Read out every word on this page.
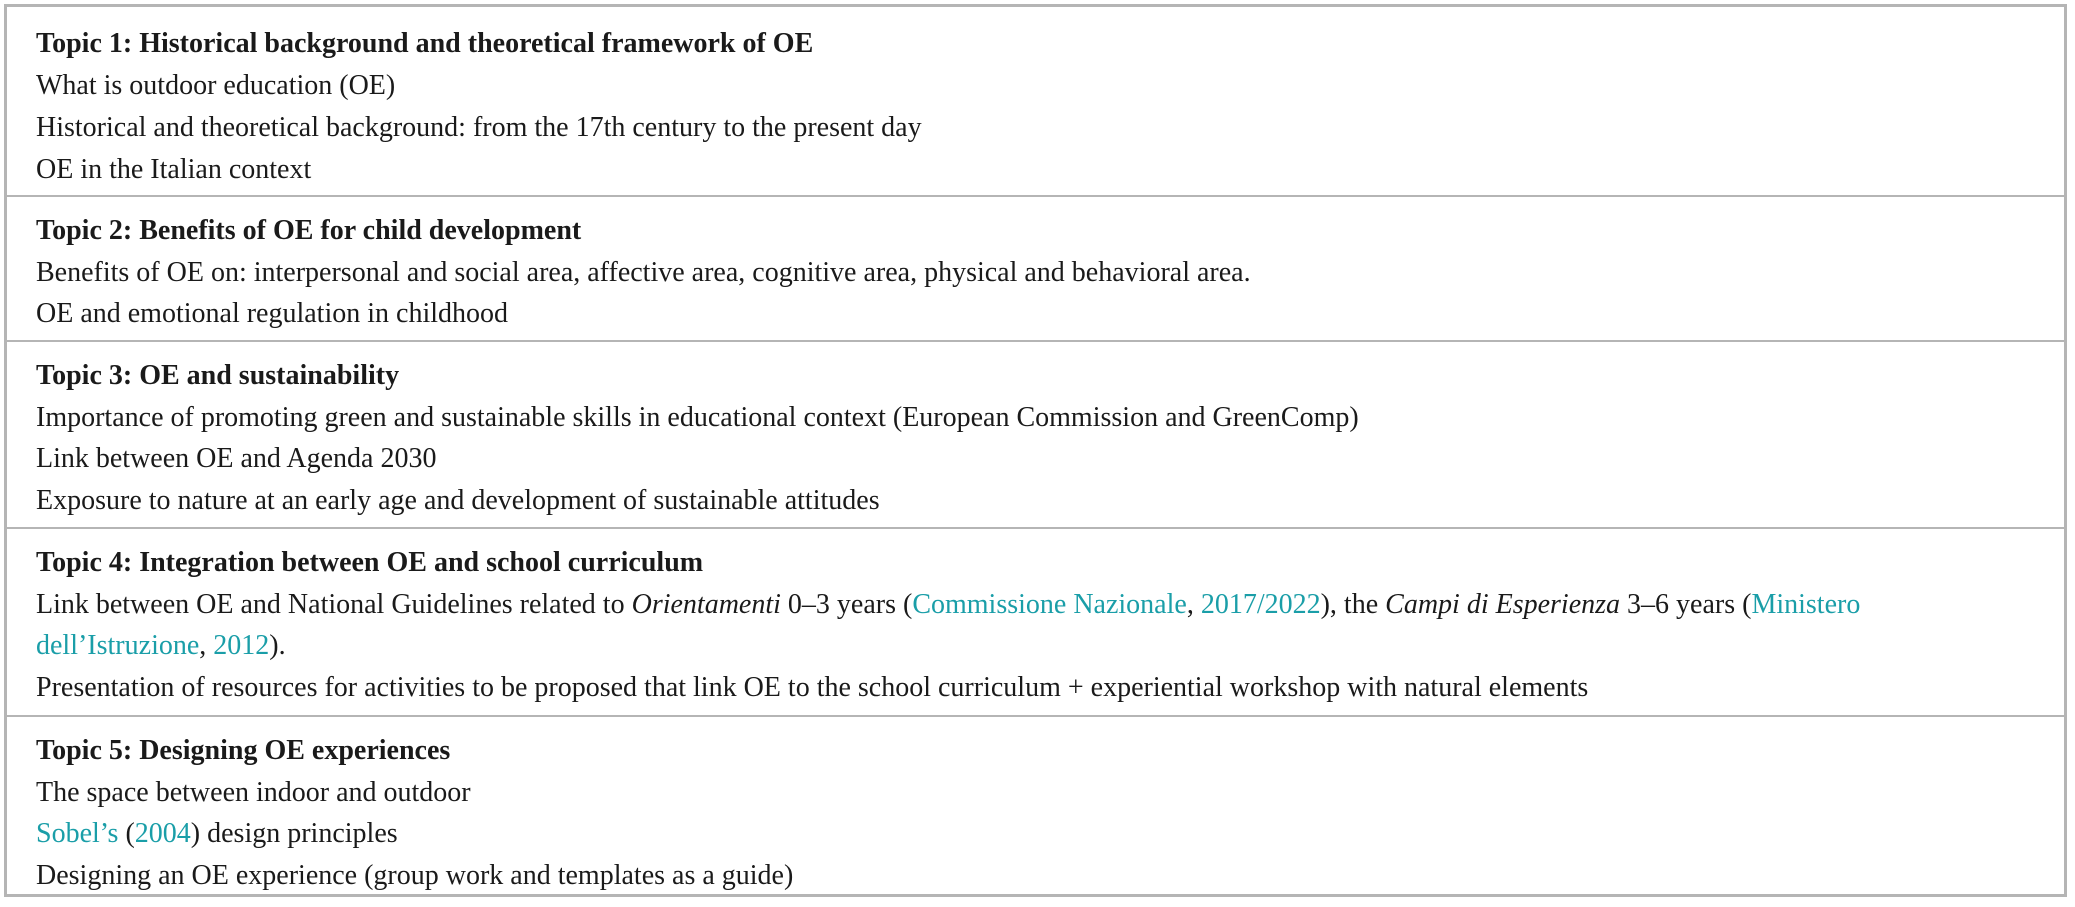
Topic 1: Historical background and theoretical framework of OE
What is outdoor education (OE)
Historical and theoretical background: from the 17th century to the present day
OE in the Italian context
Topic 2: Benefits of OE for child development
Benefits of OE on: interpersonal and social area, affective area, cognitive area, physical and behavioral area.
OE and emotional regulation in childhood
Topic 3: OE and sustainability
Importance of promoting green and sustainable skills in educational context (European Commission and GreenComp)
Link between OE and Agenda 2030
Exposure to nature at an early age and development of sustainable attitudes
Topic 4: Integration between OE and school curriculum
Link between OE and National Guidelines related to Orientamenti 0–3 years (Commissione Nazionale, 2017/2022), the Campi di Esperienza 3–6 years (Ministero
dell’Istruzione, 2012).
Presentation of resources for activities to be proposed that link OE to the school curriculum + experiential workshop with natural elements
Topic 5: Designing OE experiences
The space between indoor and outdoor
Sobel’s (2004) design principles
Designing an OE experience (group work and templates as a guide)
